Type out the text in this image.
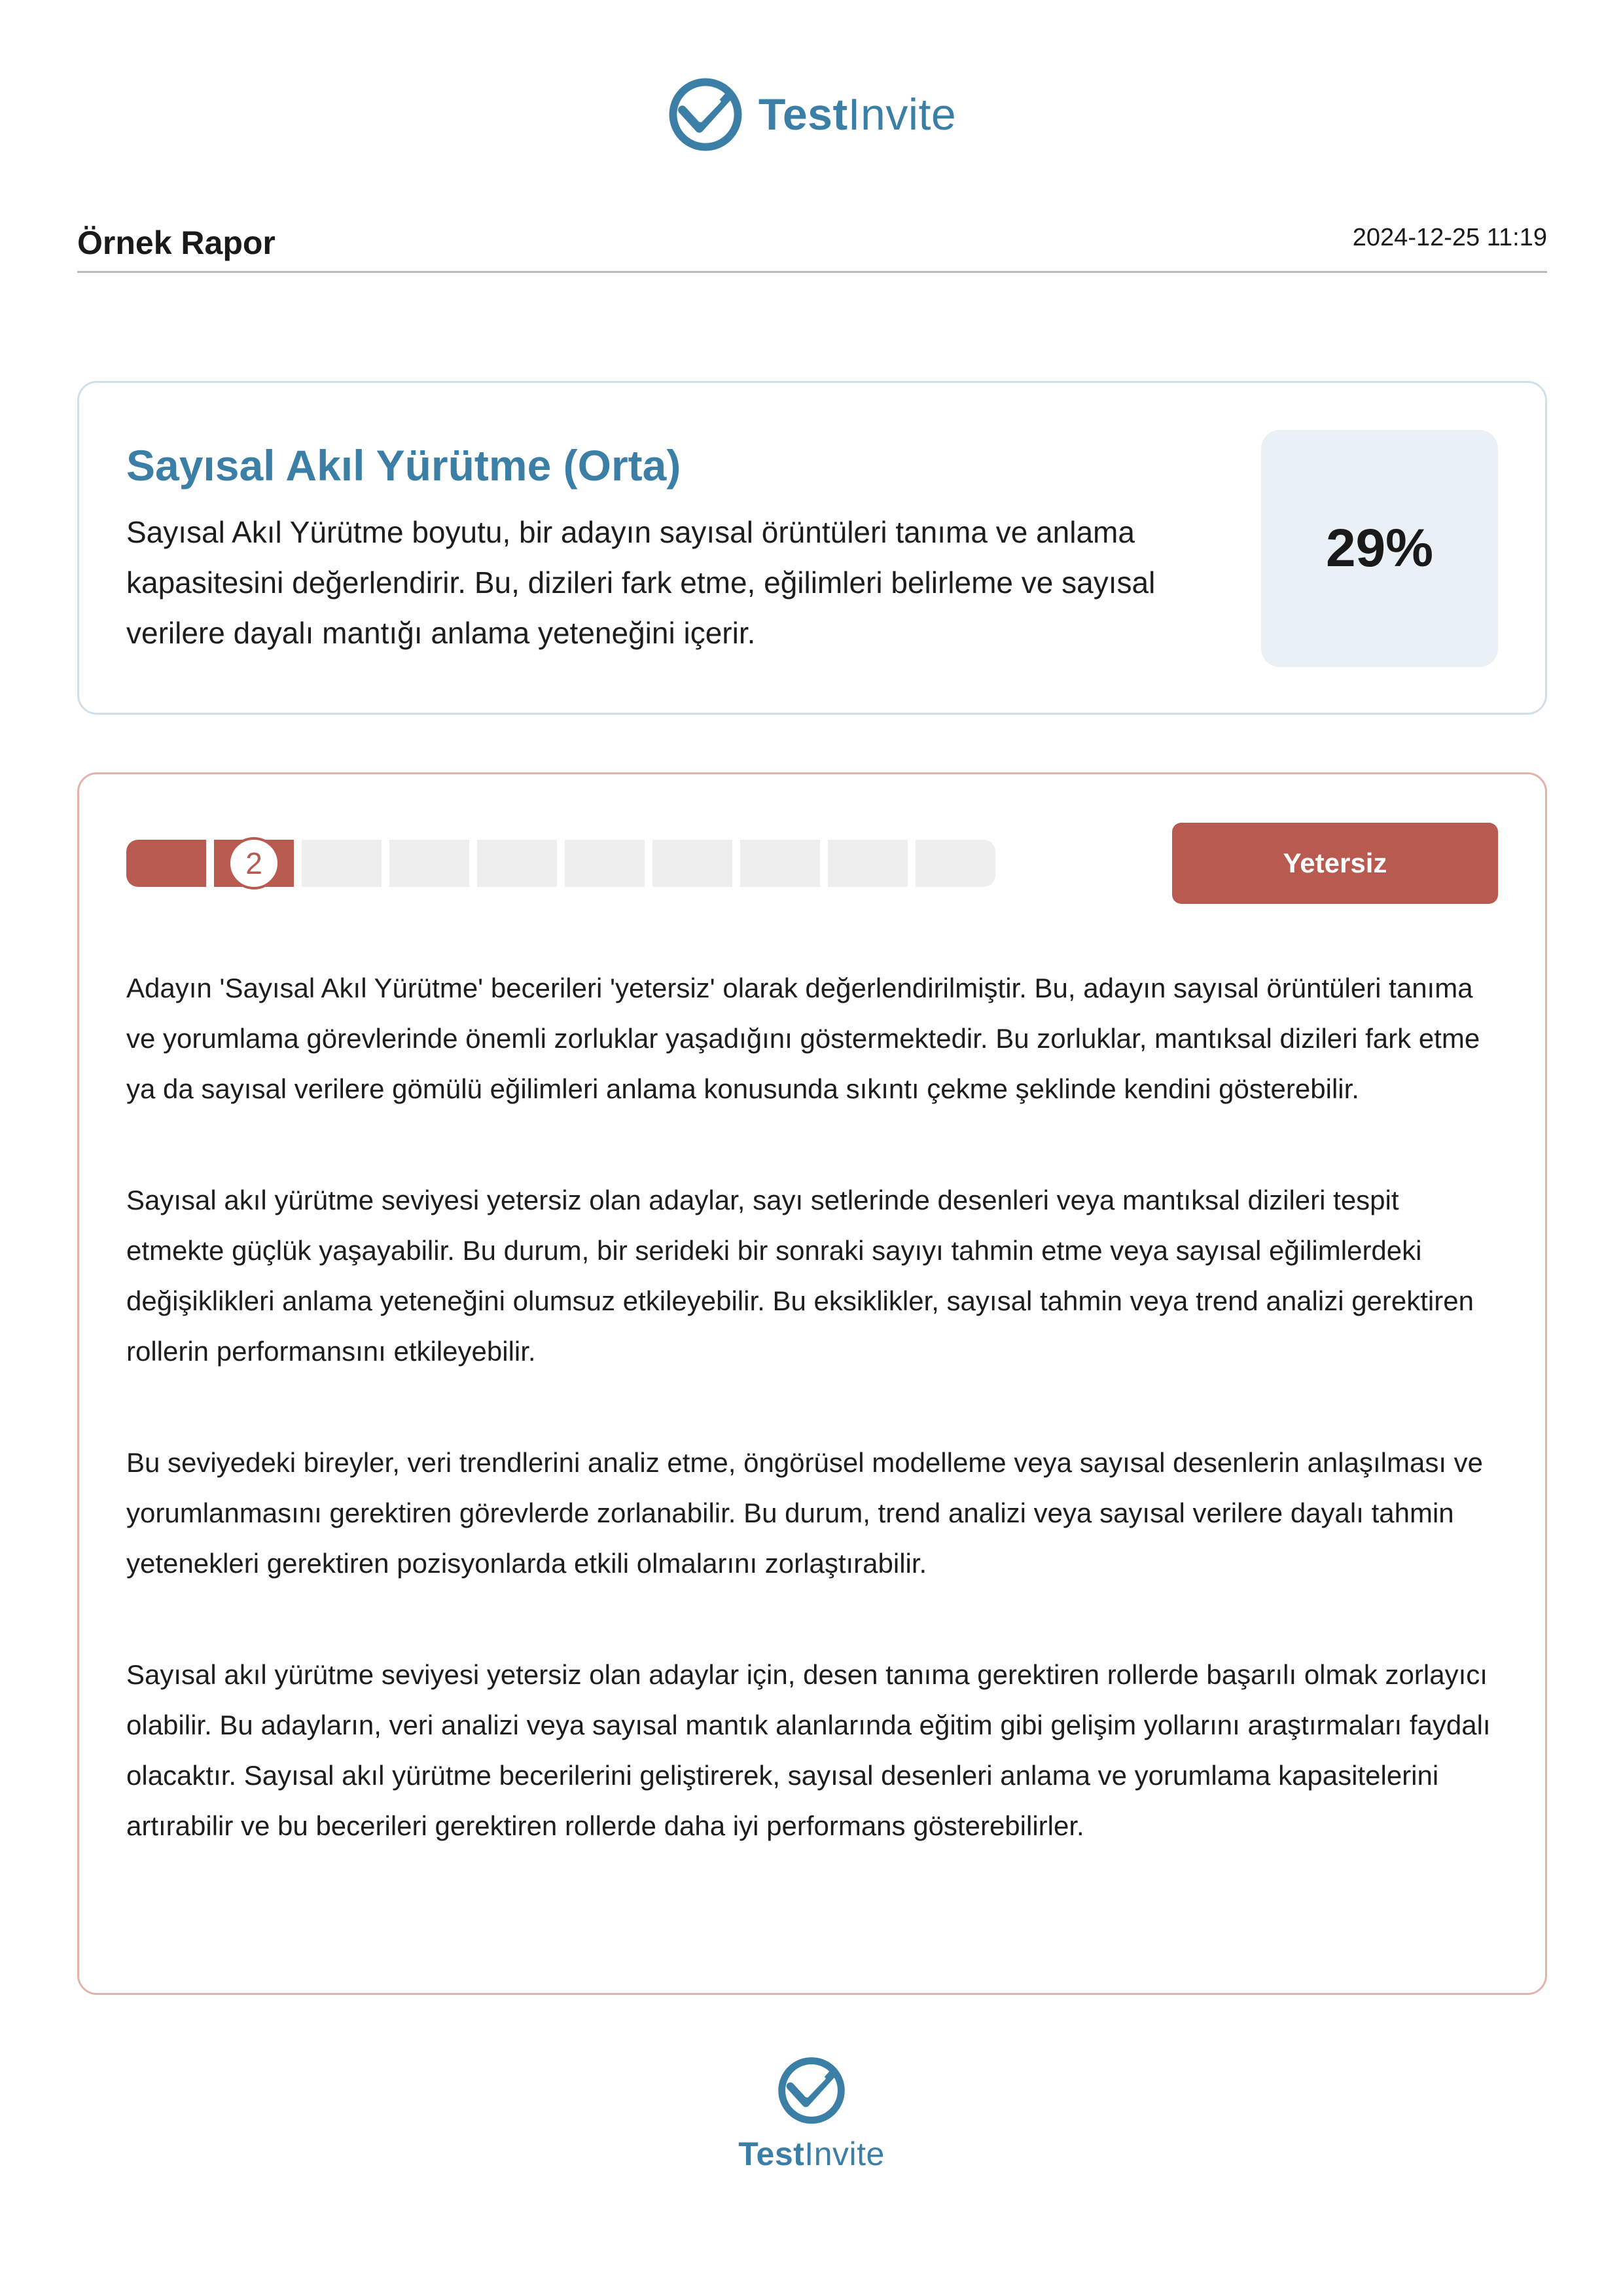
TestInvite
Örnek Rapor	2024-12-25 11:19
Sayısal Akıl Yürütme (Orta)
Sayısal Akıl Yürütme boyutu, bir adayın sayısal örüntüleri tanıma ve anlama kapasitesini değerlendirir. Bu, dizileri fark etme, eğilimleri belirleme ve sayısal verilere dayalı mantığı anlama yeteneğini içerir.
29%
2	Yetersiz

Adayın 'Sayısal Akıl Yürütme' becerileri 'yetersiz' olarak değerlendirilmiştir. Bu, adayın sayısal örüntüleri tanıma ve yorumlama görevlerinde önemli zorluklar yaşadığını göstermektedir. Bu zorluklar, mantıksal dizileri fark etme ya da sayısal verilere gömülü eğilimleri anlama konusunda sıkıntı çekme şeklinde kendini gösterebilir.

Sayısal akıl yürütme seviyesi yetersiz olan adaylar, sayı setlerinde desenleri veya mantıksal dizileri tespit etmekte güçlük yaşayabilir. Bu durum, bir serideki bir sonraki sayıyı tahmin etme veya sayısal eğilimlerdeki değişiklikleri anlama yeteneğini olumsuz etkileyebilir. Bu eksiklikler, sayısal tahmin veya trend analizi gerektiren rollerin performansını etkileyebilir.

Bu seviyedeki bireyler, veri trendlerini analiz etme, öngörüsel modelleme veya sayısal desenlerin anlaşılması ve yorumlanmasını gerektiren görevlerde zorlanabilir. Bu durum, trend analizi veya sayısal verilere dayalı tahmin yetenekleri gerektiren pozisyonlarda etkili olmalarını zorlaştırabilir.

Sayısal akıl yürütme seviyesi yetersiz olan adaylar için, desen tanıma gerektiren rollerde başarılı olmak zorlayıcı olabilir. Bu adayların, veri analizi veya sayısal mantık alanlarında eğitim gibi gelişim yollarını araştırmaları faydalı olacaktır. Sayısal akıl yürütme becerilerini geliştirerek, sayısal desenleri anlama ve yorumlama kapasitelerini artırabilir ve bu becerileri gerektiren rollerde daha iyi performans gösterebilirler.

TestInvite
